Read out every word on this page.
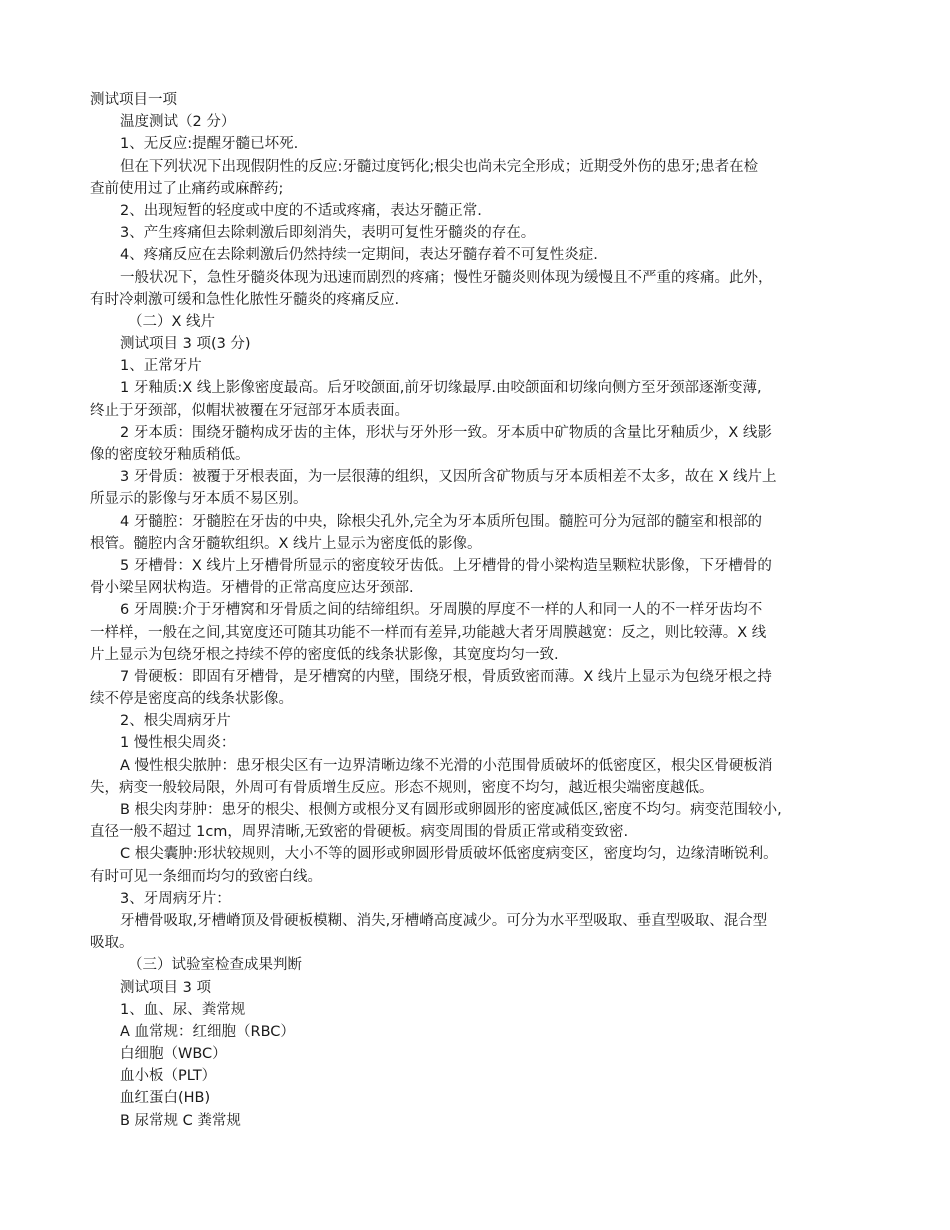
测试项目一项
温度测试（2 分）
1、无反应:提醒牙髓已坏死.
但在下列状况下出现假阴性的反应:牙髓过度钙化;根尖也尚未完全形成；近期受外伤的患牙;患者在检
查前使用过了止痛药或麻醉药;
2、出现短暂的轻度或中度的不适或疼痛，表达牙髓正常.
3、产生疼痛但去除刺激后即刻消失，表明可复性牙髓炎的存在。
4、疼痛反应在去除刺激后仍然持续一定期间，表达牙髓存着不可复性炎症.
一般状况下，急性牙髓炎体现为迅速而剧烈的疼痛；慢性牙髓炎则体现为缓慢且不严重的疼痛。此外，
有时冷刺激可缓和急性化脓性牙髓炎的疼痛反应.
（二）X 线片
测试项目 3 项(3 分)
1、正常牙片
1 牙釉质:X 线上影像密度最高。后牙咬颌面,前牙切缘最厚.由咬颌面和切缘向侧方至牙颈部逐渐变薄,
终止于牙颈部，似帽状被覆在牙冠部牙本质表面。
2 牙本质：围绕牙髓构成牙齿的主体，形状与牙外形一致。牙本质中矿物质的含量比牙釉质少，X 线影
像的密度较牙釉质稍低。
3 牙骨质：被覆于牙根表面，为一层很薄的组织，又因所含矿物质与牙本质相差不太多，故在 X 线片上
所显示的影像与牙本质不易区别。
4 牙髓腔：牙髓腔在牙齿的中央，除根尖孔外,完全为牙本质所包围。髓腔可分为冠部的髓室和根部的
根管。髓腔内含牙髓软组织。X 线片上显示为密度低的影像。
5 牙槽骨：X 线片上牙槽骨所显示的密度较牙齿低。上牙槽骨的骨小梁构造呈颗粒状影像，下牙槽骨的
骨小梁呈网状构造。牙槽骨的正常高度应达牙颈部.
6 牙周膜:介于牙槽窝和牙骨质之间的结缔组织。牙周膜的厚度不一样的人和同一人的不一样牙齿均不
一样样，一般在之间,其宽度还可随其功能不一样而有差异,功能越大者牙周膜越宽：反之，则比较薄。X 线
片上显示为包绕牙根之持续不停的密度低的线条状影像，其宽度均匀一致.
7 骨硬板：即固有牙槽骨，是牙槽窝的内壁，围绕牙根，骨质致密而薄。X 线片上显示为包绕牙根之持
续不停是密度高的线条状影像。
2、根尖周病牙片
1 慢性根尖周炎：
A 慢性根尖脓肿：患牙根尖区有一边界清晰边缘不光滑的小范围骨质破坏的低密度区，根尖区骨硬板消
失，病变一般较局限，外周可有骨质增生反应。形态不规则，密度不均匀，越近根尖端密度越低。
B 根尖肉芽肿：患牙的根尖、根侧方或根分叉有圆形或卵圆形的密度减低区,密度不均匀。病变范围较小,
直径一般不超过 1cm，周界清晰,无致密的骨硬板。病变周围的骨质正常或稍变致密.
C 根尖囊肿:形状较规则，大小不等的圆形或卵圆形骨质破坏低密度病变区，密度均匀，边缘清晰锐利。
有时可见一条细而均匀的致密白线。
3、牙周病牙片：
牙槽骨吸取,牙槽嵴顶及骨硬板模糊、消失,牙槽嵴高度减少。可分为水平型吸取、垂直型吸取、混合型
吸取。
（三）试验室检查成果判断
测试项目 3 项
1、血、尿、粪常规
A 血常规：红细胞（RBC）
白细胞（WBC）
血小板（PLT）
血红蛋白(HB)
B 尿常规 C 粪常规
